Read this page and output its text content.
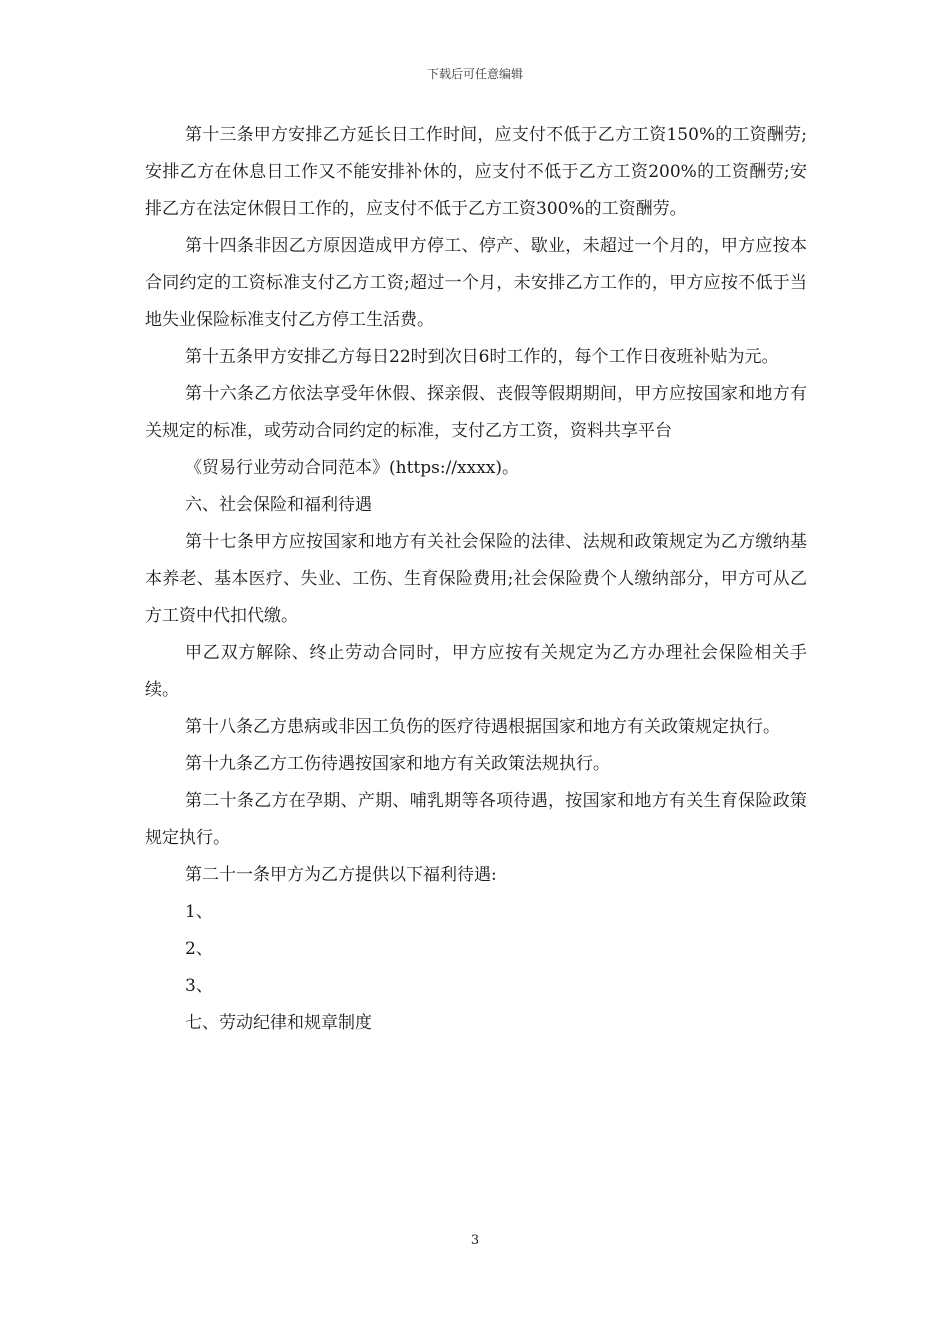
下载后可任意编辑

第十三条甲方安排乙方延长日工作时间，应支付不低于乙方工资150%的工资酬劳;安排乙方在休息日工作又不能安排补休的，应支付不低于乙方工资200%的工资酬劳;安排乙方在法定休假日工作的，应支付不低于乙方工资300%的工资酬劳。

第十四条非因乙方原因造成甲方停工、停产、歇业，未超过一个月的，甲方应按本合同约定的工资标准支付乙方工资;超过一个月，未安排乙方工作的，甲方应按不低于当地失业保险标准支付乙方停工生活费。

第十五条甲方安排乙方每日22时到次日6时工作的，每个工作日夜班补贴为元。

第十六条乙方依法享受年休假、探亲假、丧假等假期期间，甲方应按国家和地方有关规定的标准，或劳动合同约定的标准，支付乙方工资，资料共享平台

《贸易行业劳动合同范本》(https://xxxx)。

六、社会保险和福利待遇

第十七条甲方应按国家和地方有关社会保险的法律、法规和政策规定为乙方缴纳基本养老、基本医疗、失业、工伤、生育保险费用;社会保险费个人缴纳部分，甲方可从乙方工资中代扣代缴。

甲乙双方解除、终止劳动合同时，甲方应按有关规定为乙方办理社会保险相关手续。

第十八条乙方患病或非因工负伤的医疗待遇根据国家和地方有关政策规定执行。

第十九条乙方工伤待遇按国家和地方有关政策法规执行。

第二十条乙方在孕期、产期、哺乳期等各项待遇，按国家和地方有关生育保险政策规定执行。

第二十一条甲方为乙方提供以下福利待遇:

1、

2、

3、

七、劳动纪律和规章制度

3
